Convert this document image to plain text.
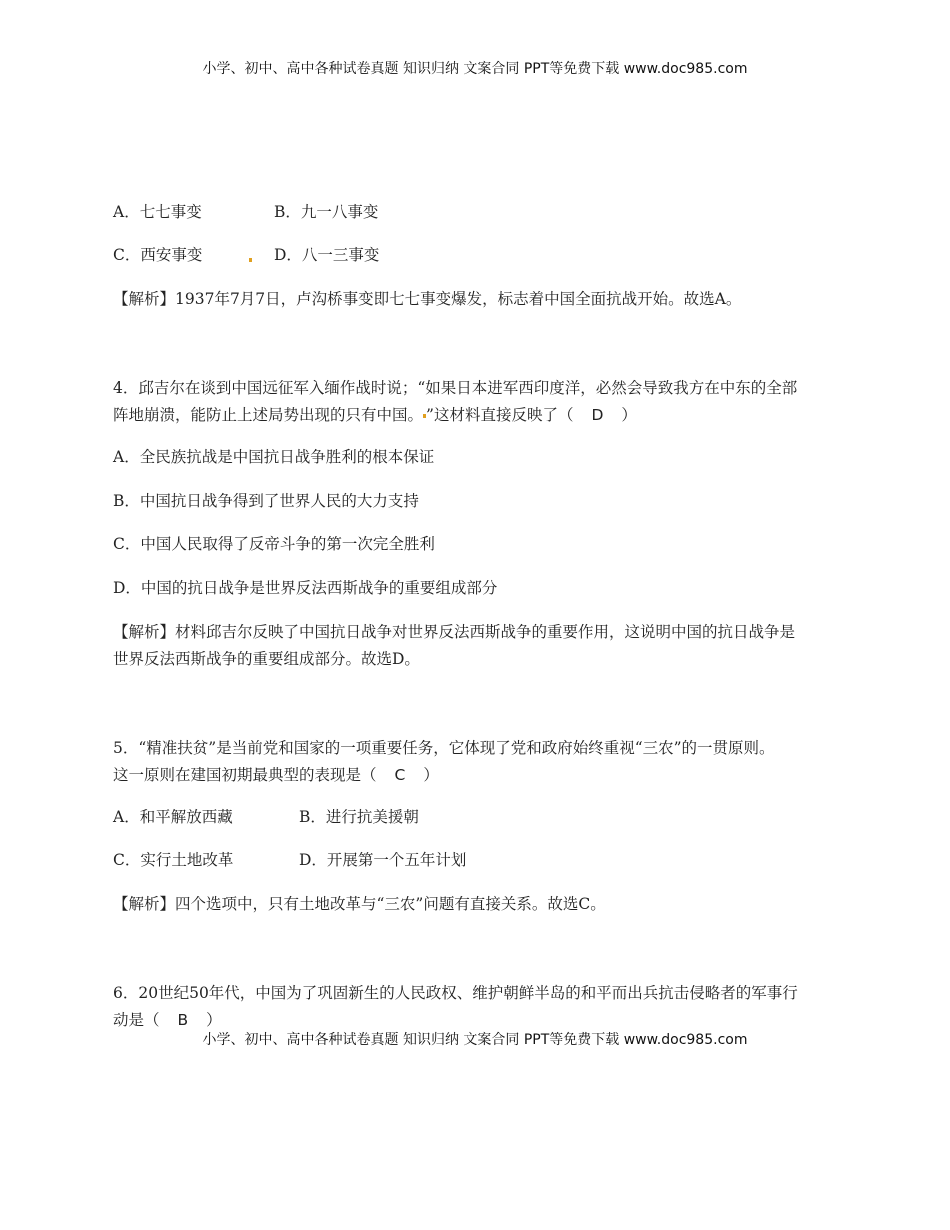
小学、初中、高中各种试卷真题 知识归纳 文案合同 PPT等免费下载 www.doc985.com
A．七七事变	B．九一八事变
C．西安事变	D．八一三事变
【解析】1937年7月7日，卢沟桥事变即七七事变爆发，标志着中国全面抗战开始。故选A。
4．邱吉尔在谈到中国远征军入缅作战时说；“如果日本进军西印度洋，必然会导致我方在中东的全部
阵地崩溃，能防止上述局势出现的只有中国。 ”这材料直接反映了（ D ）
A．全民族抗战是中国抗日战争胜利的根本保证
B．中国抗日战争得到了世界人民的大力支持
C．中国人民取得了反帝斗争的第一次完全胜利
D．中国的抗日战争是世界反法西斯战争的重要组成部分
【解析】材料邱吉尔反映了中国抗日战争对世界反法西斯战争的重要作用，这说明中国的抗日战争是
世界反法西斯战争的重要组成部分。故选D。
5．“精准扶贫”是当前党和国家的一项重要任务，它体现了党和政府始终重视“三农”的一贯原则。
这一原则在建国初期最典型的表现是（ C ）
A．和平解放西藏	B．进行抗美援朝
C．实行土地改革	D．开展第一个五年计划
【解析】四个选项中，只有土地改革与“三农”问题有直接关系。故选C。
6．20世纪50年代，中国为了巩固新生的人民政权、维护朝鲜半岛的和平而出兵抗击侵略者的军事行
动是（ B ）
小学、初中、高中各种试卷真题 知识归纳 文案合同 PPT等免费下载 www.doc985.com
